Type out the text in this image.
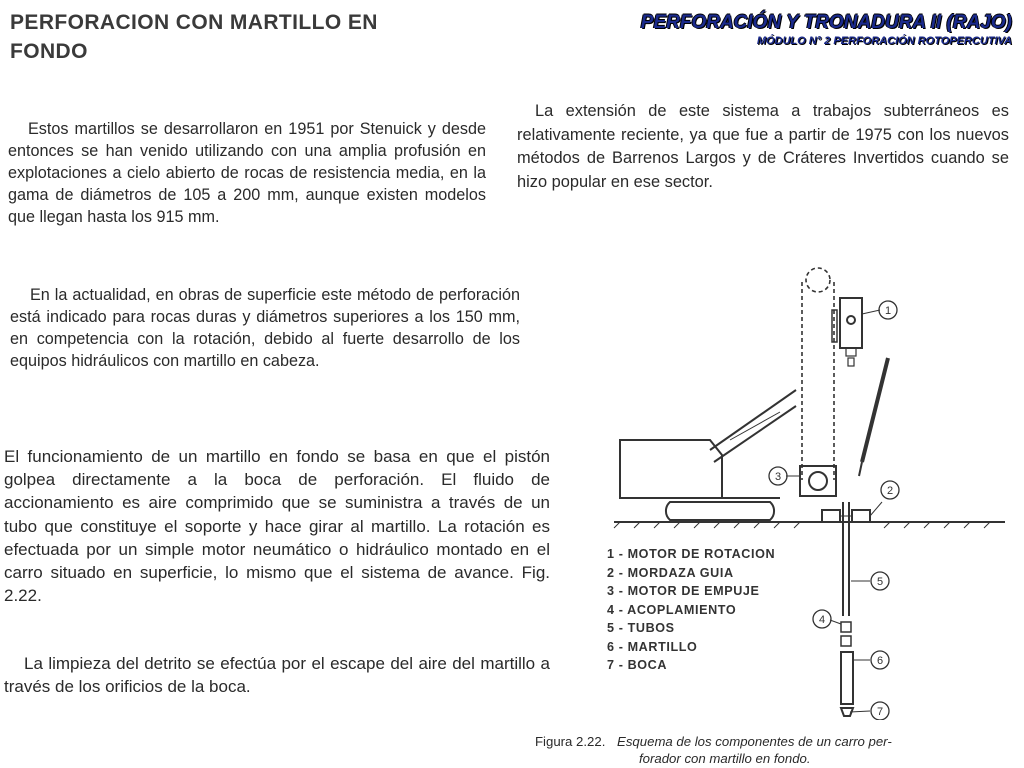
PERFORACION CON MARTILLO EN
FONDO
PERFORACIÓN Y TRONADURA II (RAJO)
MÓDULO N° 2 PERFORACIÓN ROTOPERCUTIVA

Estos martillos se desarrollaron en 1951 por Stenuick y desde entonces se han venido utilizando con una amplia profusión en explotaciones a cielo abierto de rocas de resistencia media, en la gama de diámetros de 105 a 200 mm, aunque existen modelos que llegan hasta los 915 mm.

En la actualidad, en obras de superficie este método de perforación está indicado para rocas duras y diámetros superiores a los 150 mm, en competencia con la rotación, debido al fuerte desarrollo de los equipos hidráulicos con martillo en cabeza.

El funcionamiento de un martillo en fondo se basa en que el pistón golpea directamente a la boca de perforación. El fluido de accionamiento es aire comprimido que se suministra a través de un tubo que constituye el soporte y hace girar al martillo. La rotación es efectuada por un simple motor neumático o hidráulico montado en el carro situado en superficie, lo mismo que el sistema de avance. Fig. 2.22.

La limpieza del detrito se efectúa por el escape del aire del martillo a través de los orificios de la boca.

La extensión de este sistema a trabajos subterráneos es relativamente reciente, ya que fue a partir de 1975 con los nuevos métodos de Barrenos Largos y de Cráteres Invertidos cuando se hizo popular en ese sector.

1
2
3
4
5
6
7
1 - MOTOR DE ROTACION
2 - MORDAZA GUIA
3 - MOTOR DE EMPUJE
4 - ACOPLAMIENTO
5 - TUBOS
6 - MARTILLO
7 - BOCA
Figura 2.22. Esquema de los componentes de un carro per-
forador con martillo en fondo.
